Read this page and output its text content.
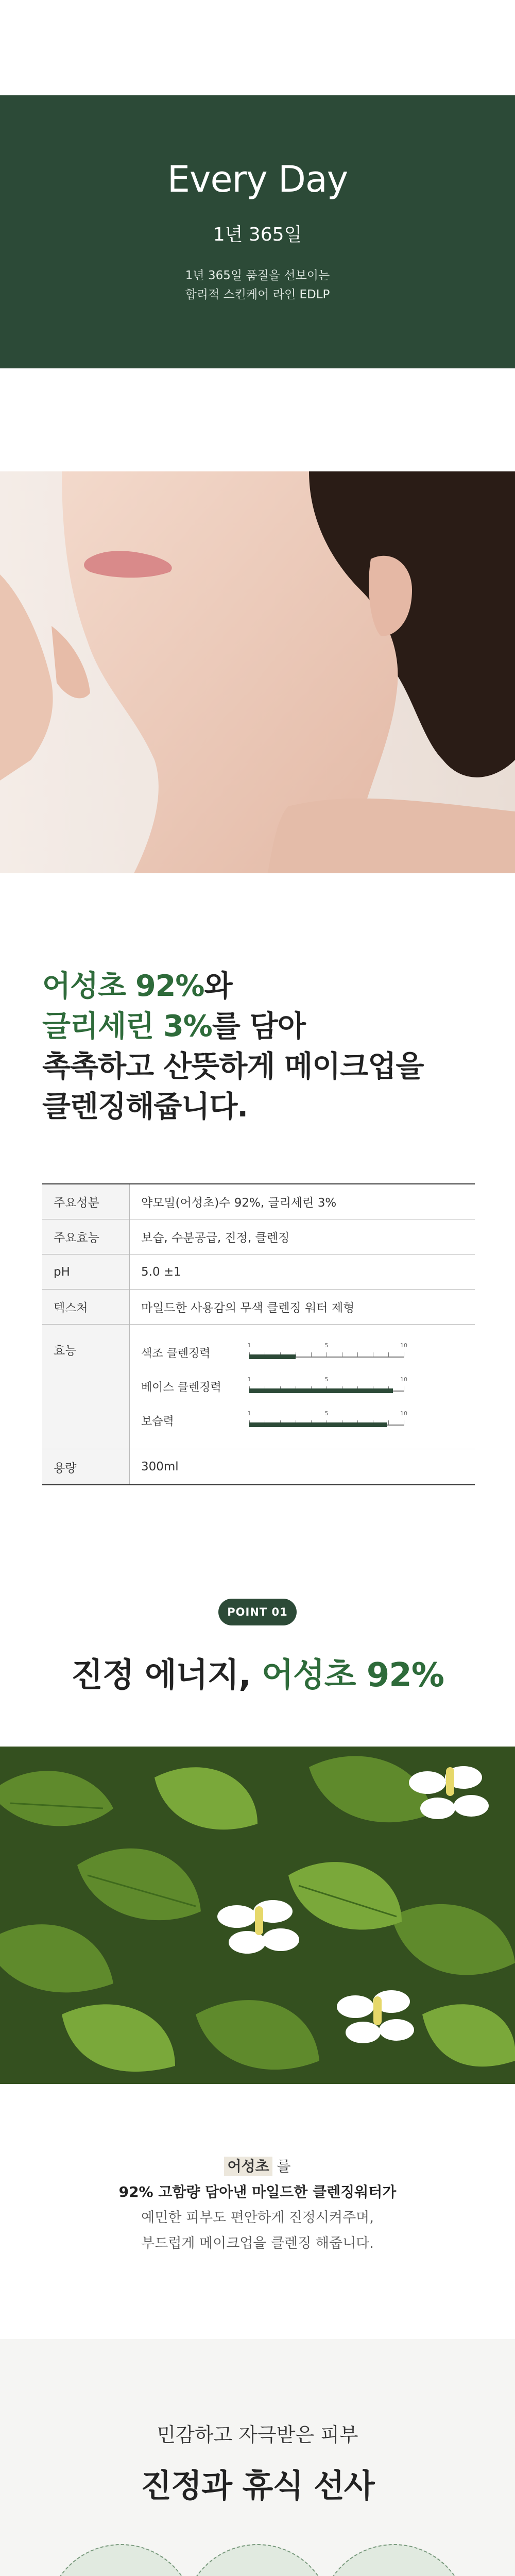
Every Day
1년 365일
1년 365일 품질을 선보이는
합리적 스킨케어 라인 EDLP
어성초 92%와
글리세린 3%를 담아
촉촉하고 산뜻하게 메이크업을
클렌징해줍니다.
주요성분	약모밀(어성초)수 92%, 글리세린 3%
주요효능	보습, 수분공급, 진정, 클렌징
pH	5.0 ±1
텍스처	마일드한 사용감의 무색 클렌징 워터 제형
효능	색조 클렌징력
1	5	10
베이스 클렌징력
1	5	10
보습력
1	5	10
용량	300ml
POINT 01
진정 에너지, 어성초 92%
어성초 를
92% 고함량 담아낸 마일드한 클렌징워터가
예민한 피부도 편안하게 진정시켜주며,
부드럽게 메이크업을 클렌징 해줍니다.
민감하고 자극받은 피부
진정과 휴식 선사
